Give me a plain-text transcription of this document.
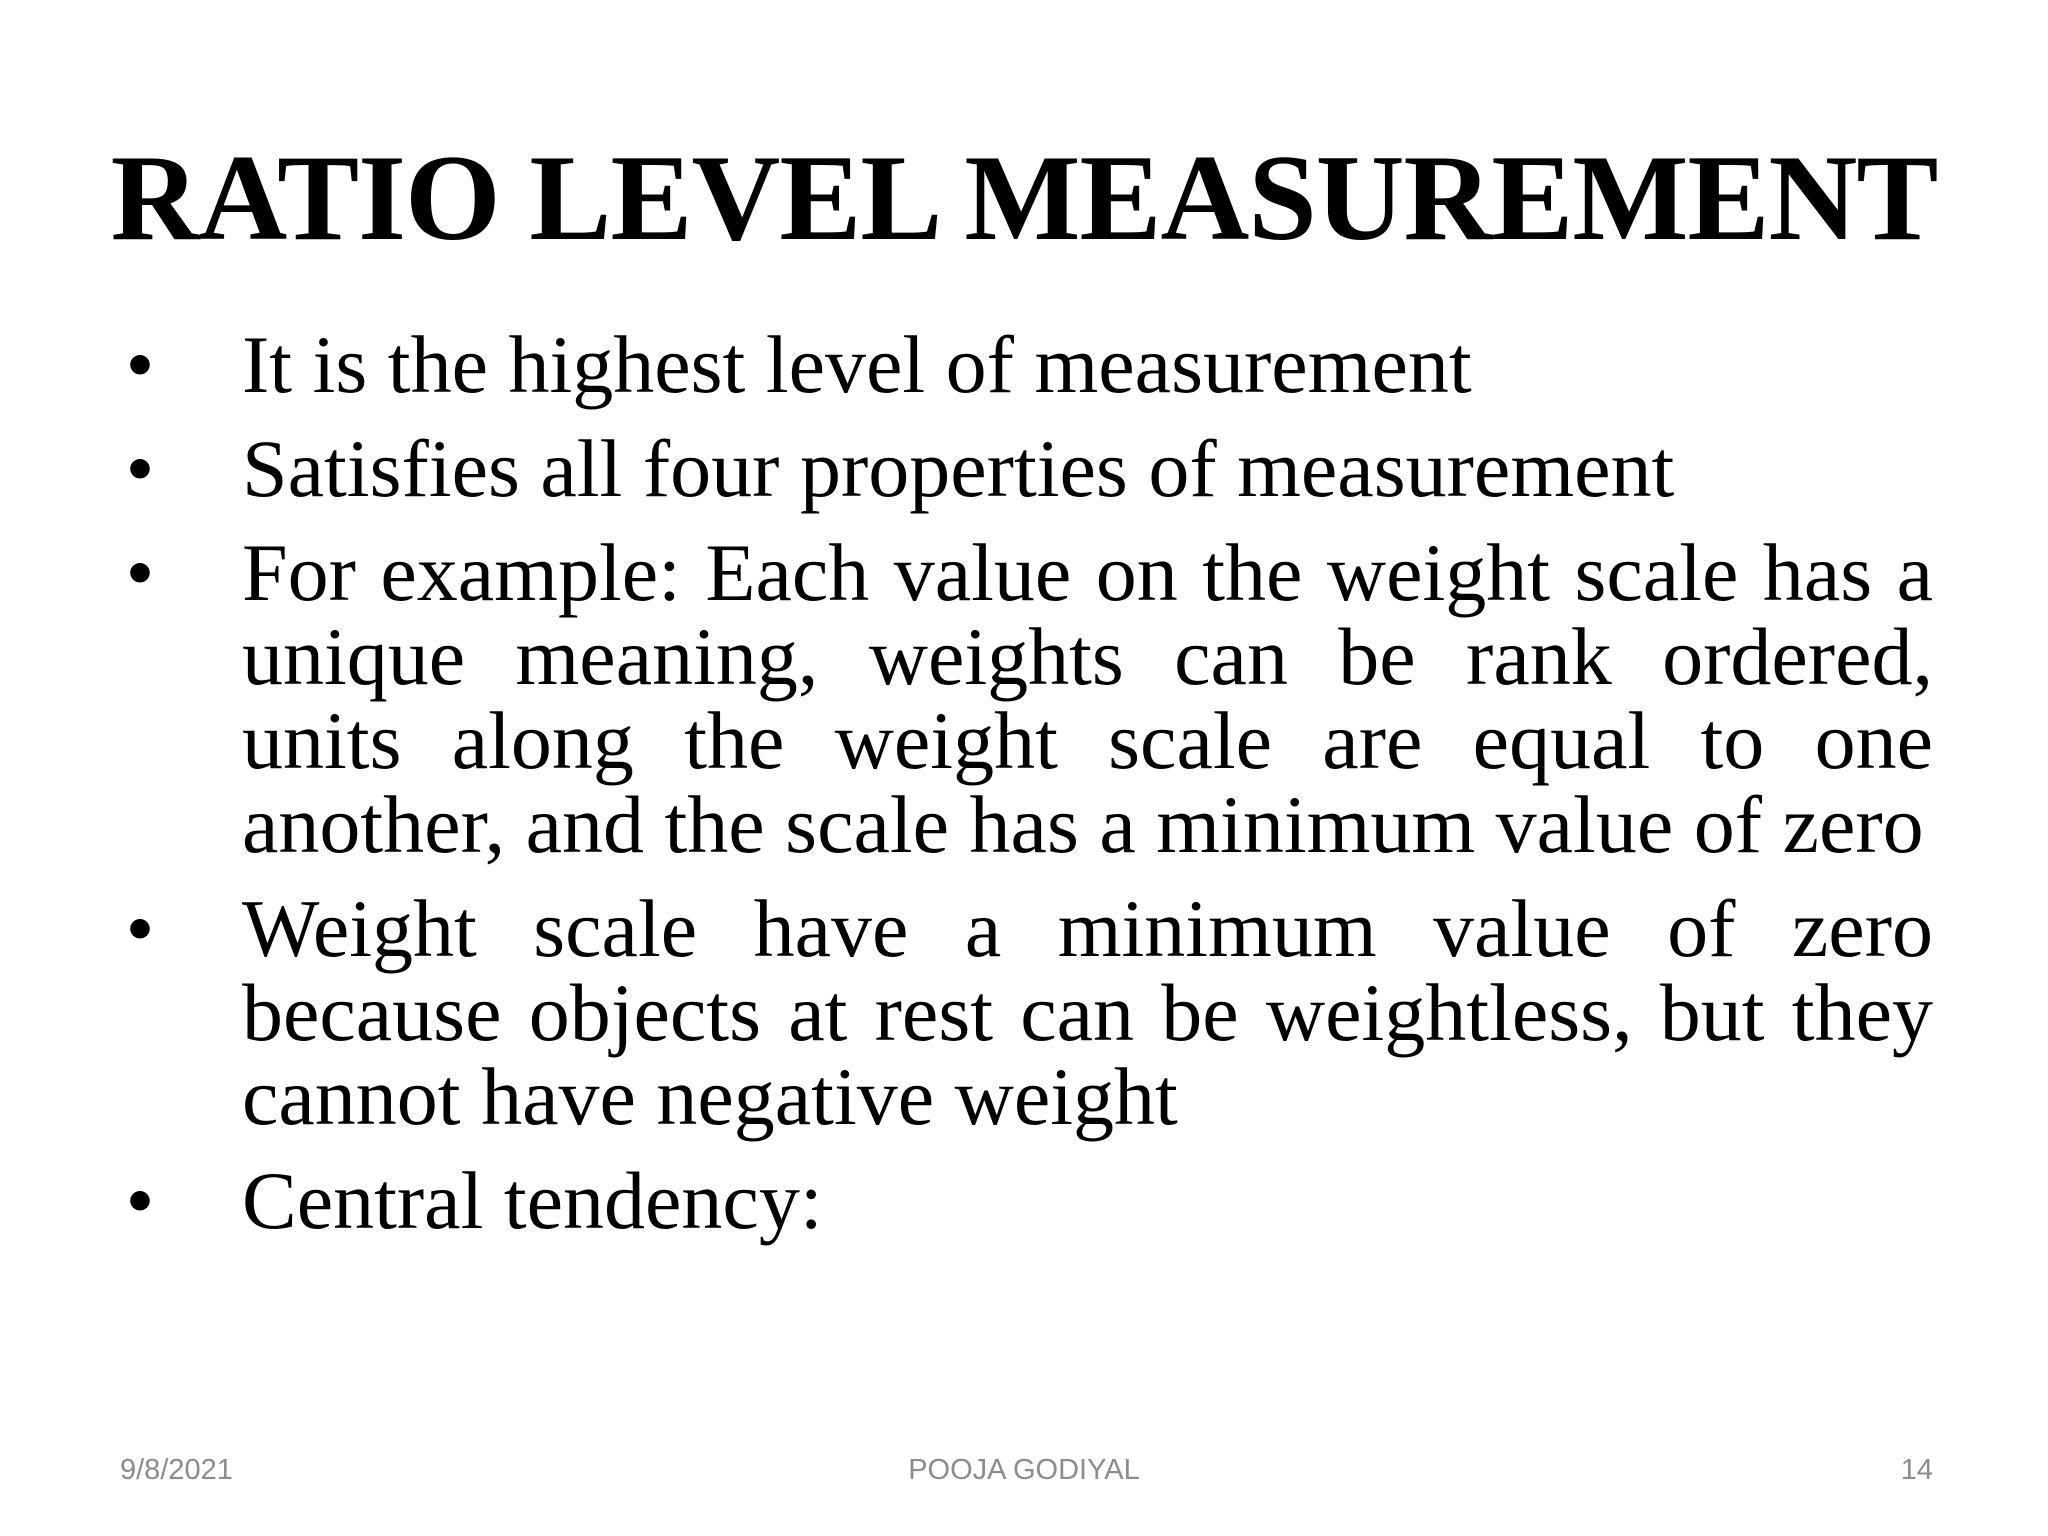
RATIO LEVEL MEASUREMENT
• It is the highest level of measurement
• Satisfies all four properties of measurement
• For example: Each value on the weight scale has a unique meaning, weights can be rank ordered, units along the weight scale are equal to one another, and the scale has a minimum value of zero
• Weight scale have a minimum value of zero because objects at rest can be weightless, but they cannot have negative weight
• Central tendency:
9/8/2021	POOJA GODIYAL	14
